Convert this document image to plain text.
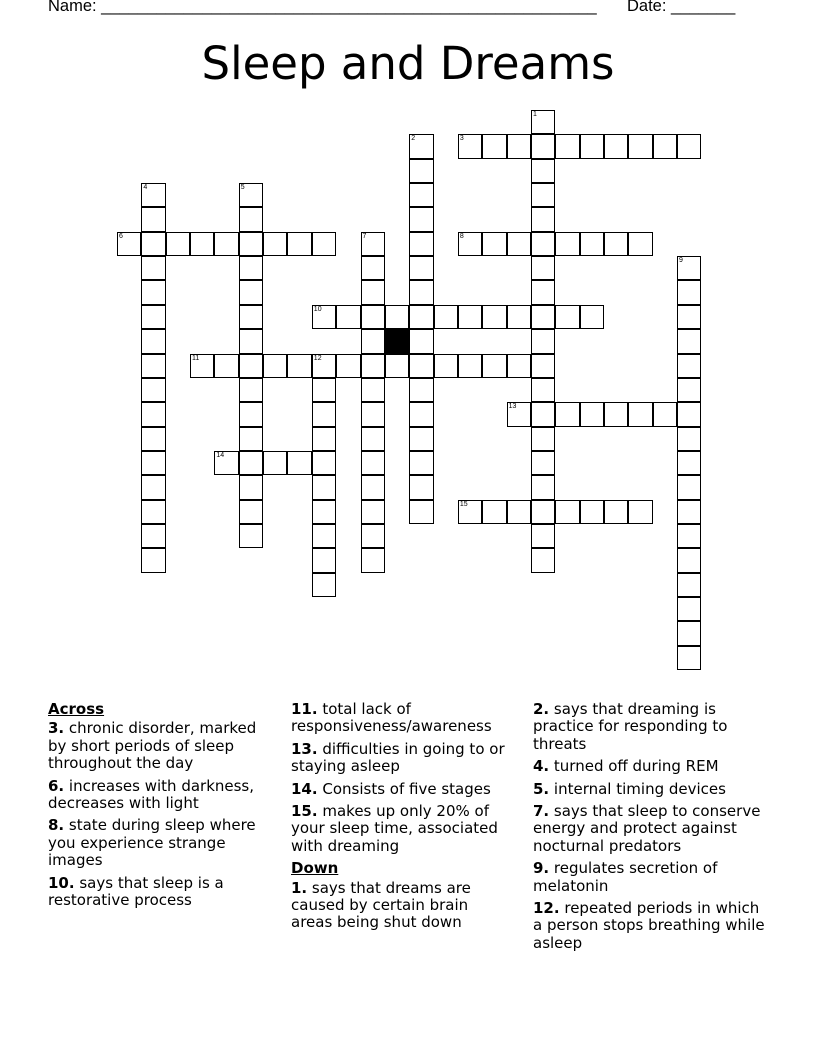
Name: ______________________________________________________ Date: _______
Sleep and Dreams
1
2	3
4	5
6	7	8
9
10
11	12
13
14
15
Across
3. chronic disorder, marked by short periods of sleep throughout the day
6. increases with darkness, decreases with light
8. state during sleep where you experience strange images
10. says that sleep is a restorative process
11. total lack of responsiveness/awareness
13. difficulties in going to or staying asleep
14. Consists of five stages
15. makes up only 20% of your sleep time, associated with dreaming
Down
1. says that dreams are caused by certain brain areas being shut down
2. says that dreaming is practice for responding to threats
4. turned off during REM
5. internal timing devices
7. says that sleep to conserve energy and protect against nocturnal predators
9. regulates secretion of melatonin
12. repeated periods in which a person stops breathing while asleep
